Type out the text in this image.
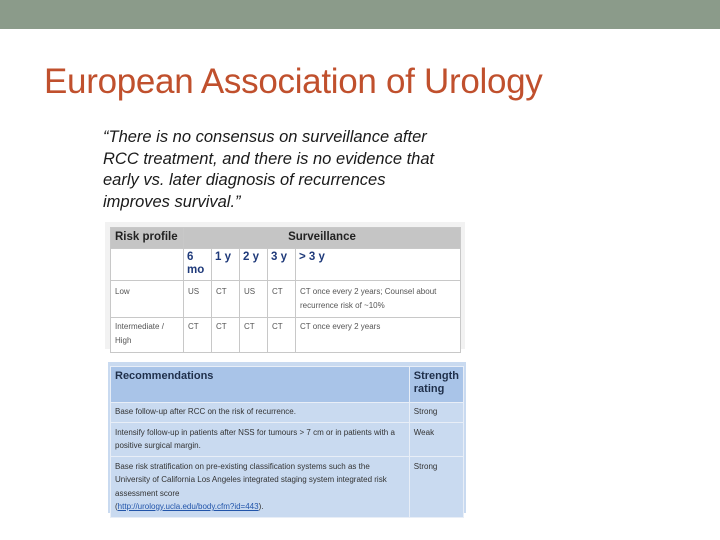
European Association of Urology

“There is no consensus on surveillance after RCC treatment, and there is no evidence that early vs. later diagnosis of recurrences improves survival.”

Risk profile	Surveillance				
	6 mo	1 y	2 y	3 y	> 3 y
Low	US	CT	US	CT	CT once every 2 years; Counsel about recurrence risk of ~10%
Intermediate / High	CT	CT	CT	CT	CT once every 2 years
Recommendations	Strength rating
Base follow-up after RCC on the risk of recurrence.	Strong
Intensify follow-up in patients after NSS for tumours > 7 cm or in patients with a positive surgical margin.	Weak
Base risk stratification on pre-existing classification systems such as the University of California Los Angeles integrated staging system integrated risk assessment score
(http://urology.ucla.edu/body.cfm?id=443).	Strong
